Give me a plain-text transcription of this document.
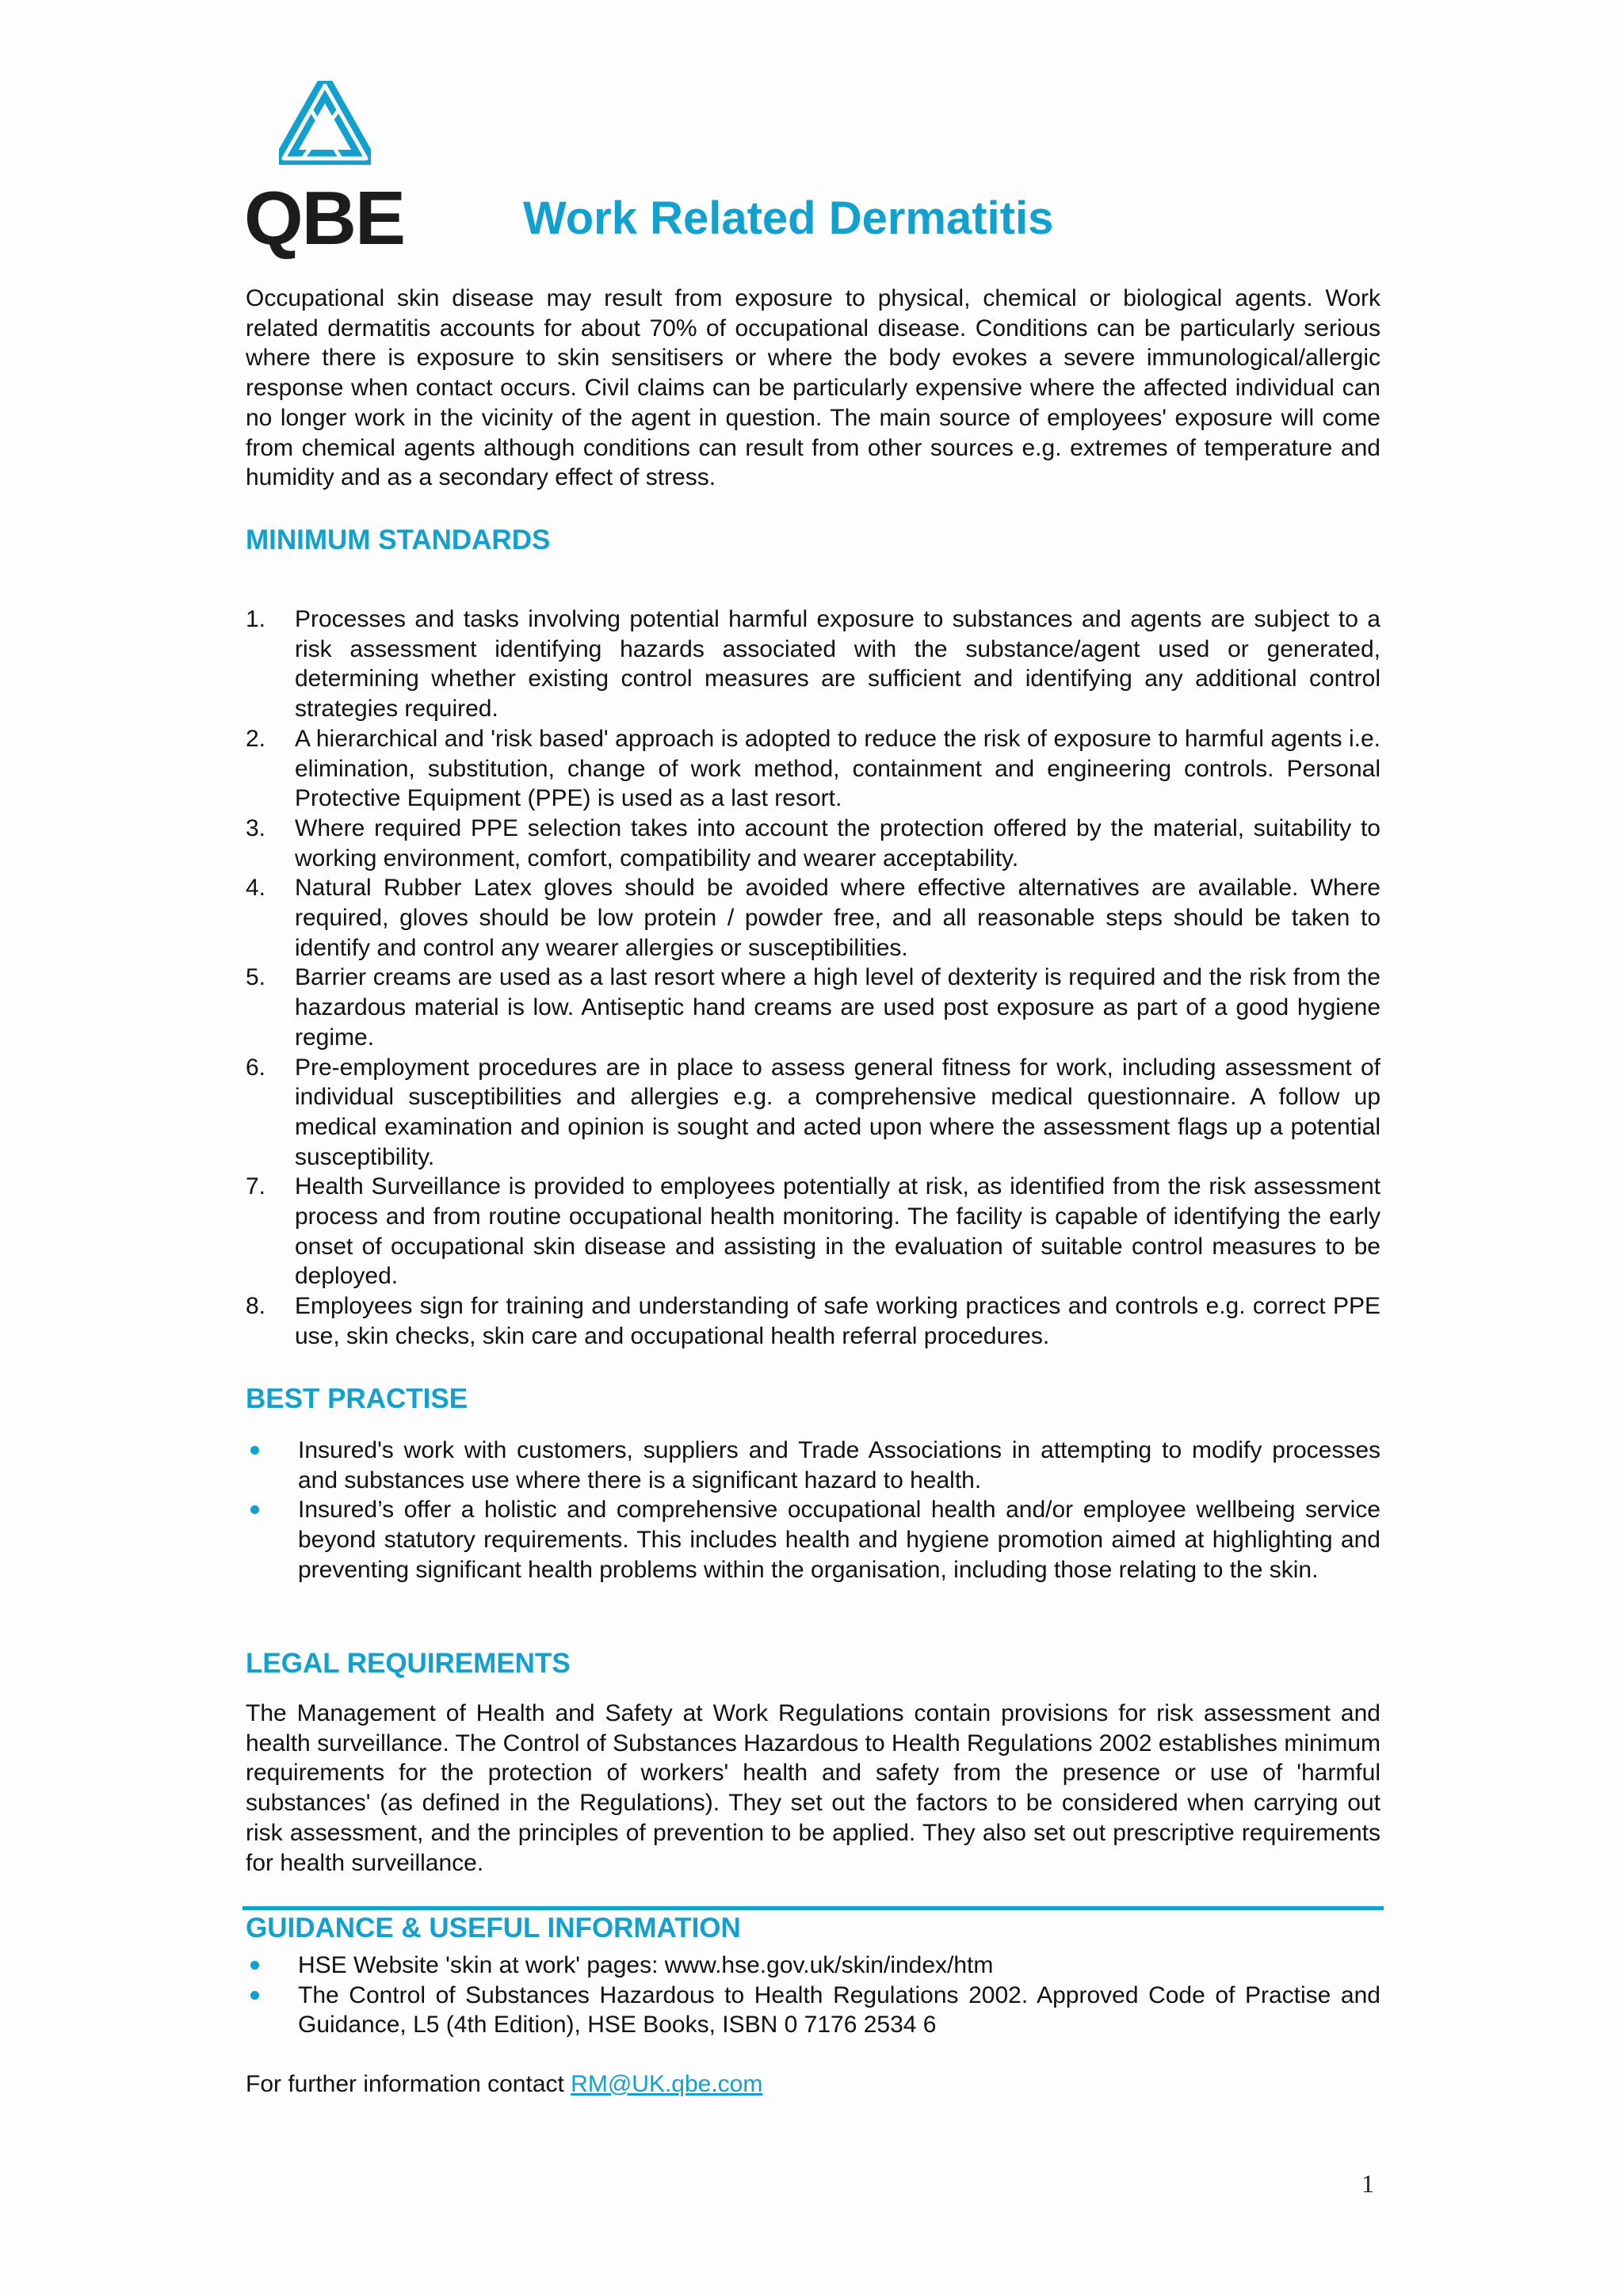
QBE	Work Related Dermatitis

Occupational skin disease may result from exposure to physical, chemical or biological agents. Work related dermatitis accounts for about 70% of occupational disease. Conditions can be particularly serious where there is exposure to skin sensitisers or where the body evokes a severe immunological/allergic response when contact occurs. Civil claims can be particularly expensive where the affected individual can no longer work in the vicinity of the agent in question. The main source of employees' exposure will come from chemical agents although conditions can result from other sources e.g. extremes of temperature and humidity and as a secondary effect of stress.

MINIMUM STANDARDS
1.	Processes and tasks involving potential harmful exposure to substances and agents are subject to a risk assessment identifying hazards associated with the substance/agent used or generated, determining whether existing control measures are sufficient and identifying any additional control strategies required.
2.	A hierarchical and 'risk based' approach is adopted to reduce the risk of exposure to harmful agents i.e. elimination, substitution, change of work method, containment and engineering controls. Personal Protective Equipment (PPE) is used as a last resort.
3.	Where required PPE selection takes into account the protection offered by the material, suitability to working environment, comfort, compatibility and wearer acceptability.
4.	Natural Rubber Latex gloves should be avoided where effective alternatives are available. Where required, gloves should be low protein / powder free, and all reasonable steps should be taken to identify and control any wearer allergies or susceptibilities.
5.	Barrier creams are used as a last resort where a high level of dexterity is required and the risk from the hazardous material is low. Antiseptic hand creams are used post exposure as part of a good hygiene regime.
6.	Pre-employment procedures are in place to assess general fitness for work, including assessment of individual susceptibilities and allergies e.g. a comprehensive medical questionnaire. A follow up medical examination and opinion is sought and acted upon where the assessment flags up a potential susceptibility.
7.	Health Surveillance is provided to employees potentially at risk, as identified from the risk assessment process and from routine occupational health monitoring. The facility is capable of identifying the early onset of occupational skin disease and assisting in the evaluation of suitable control measures to be deployed.
8.	Employees sign for training and understanding of safe working practices and controls e.g. correct PPE use, skin checks, skin care and occupational health referral procedures.
BEST PRACTISE
Insured's work with customers, suppliers and Trade Associations in attempting to modify processes and substances use where there is a significant hazard to health.
Insured’s offer a holistic and comprehensive occupational health and/or employee wellbeing service beyond statutory requirements. This includes health and hygiene promotion aimed at highlighting and preventing significant health problems within the organisation, including those relating to the skin.
LEGAL REQUIREMENTS

The Management of Health and Safety at Work Regulations contain provisions for risk assessment and health surveillance. The Control of Substances Hazardous to Health Regulations 2002 establishes minimum requirements for the protection of workers' health and safety from the presence or use of 'harmful substances' (as defined in the Regulations). They set out the factors to be considered when carrying out risk assessment, and the principles of prevention to be applied. They also set out prescriptive requirements for health surveillance.

GUIDANCE & USEFUL INFORMATION
HSE Website 'skin at work' pages: www.hse.gov.uk/skin/index/htm
The Control of Substances Hazardous to Health Regulations 2002. Approved Code of Practise and Guidance, L5 (4th Edition), HSE Books, ISBN 0 7176 2534 6

For further information contact RM@UK.qbe.com

1
